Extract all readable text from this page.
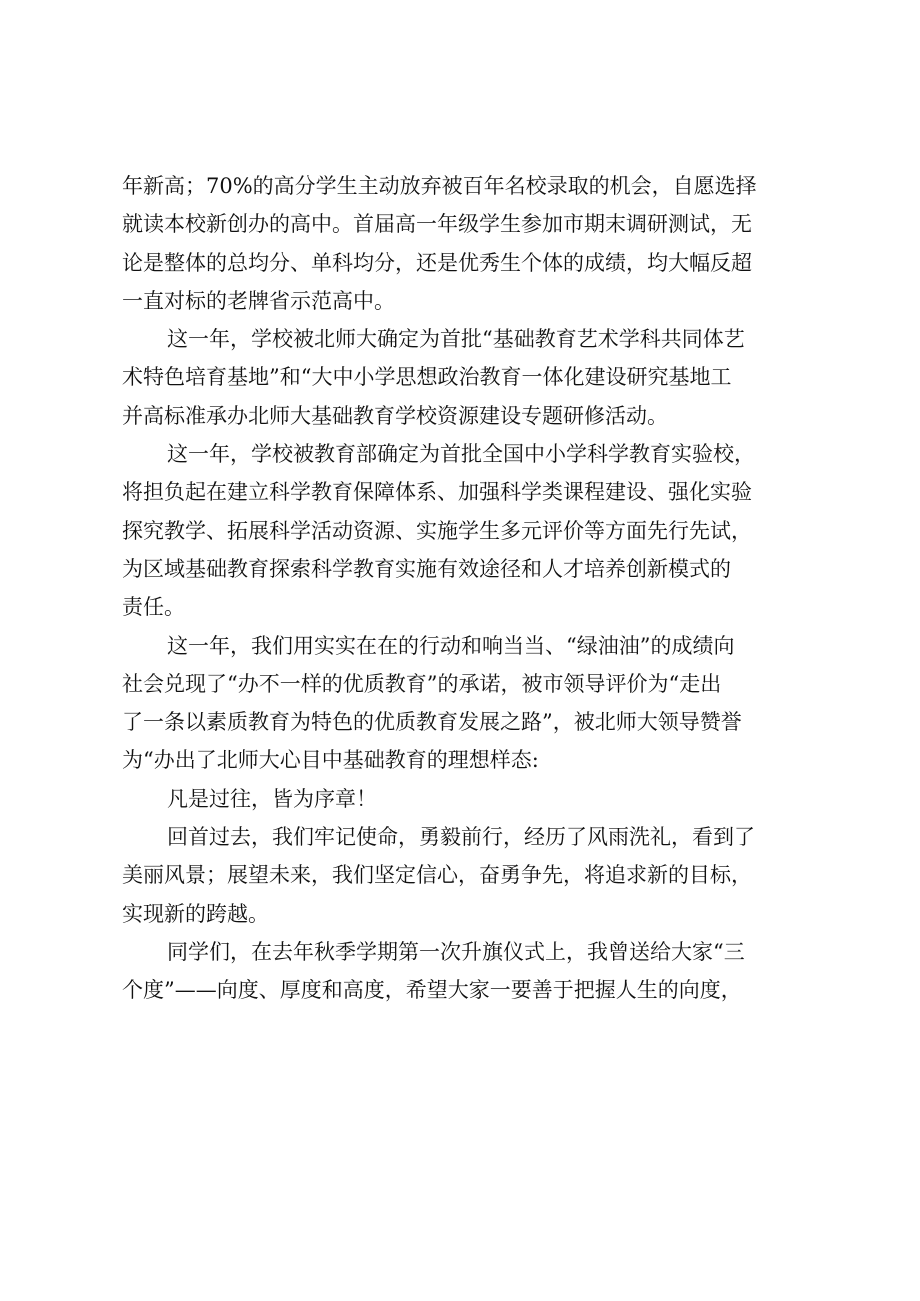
年新高；70%的高分学生主动放弃被百年名校录取的机会，自愿选择
就读本校新创办的高中。首届高一年级学生参加市期末调研测试，无
论是整体的总均分、单科均分，还是优秀生个体的成绩，均大幅反超
一直对标的老牌省示范高中。
这一年，学校被北师大确定为首批“基础教育艺术学科共同体艺
术特色培育基地”和“大中小学思想政治教育一体化建设研究基地工
并高标准承办北师大基础教育学校资源建设专题研修活动。
这一年，学校被教育部确定为首批全国中小学科学教育实验校，
将担负起在建立科学教育保障体系、加强科学类课程建设、强化实验
探究教学、拓展科学活动资源、实施学生多元评价等方面先行先试，
为区域基础教育探索科学教育实施有效途径和人才培养创新模式的
责任。
这一年，我们用实实在在的行动和响当当、“绿油油”的成绩向
社会兑现了“办不一样的优质教育”的承诺，被市领导评价为“走出
了一条以素质教育为特色的优质教育发展之路”，被北师大领导赞誉
为“办出了北师大心目中基础教育的理想样态:
凡是过往，皆为序章！
回首过去，我们牢记使命，勇毅前行，经历了风雨洗礼，看到了
美丽风景；展望未来，我们坚定信心，奋勇争先，将追求新的目标，
实现新的跨越。
同学们，在去年秋季学期第一次升旗仪式上，我曾送给大家“三
个度”——向度、厚度和高度，希望大家一要善于把握人生的向度，
